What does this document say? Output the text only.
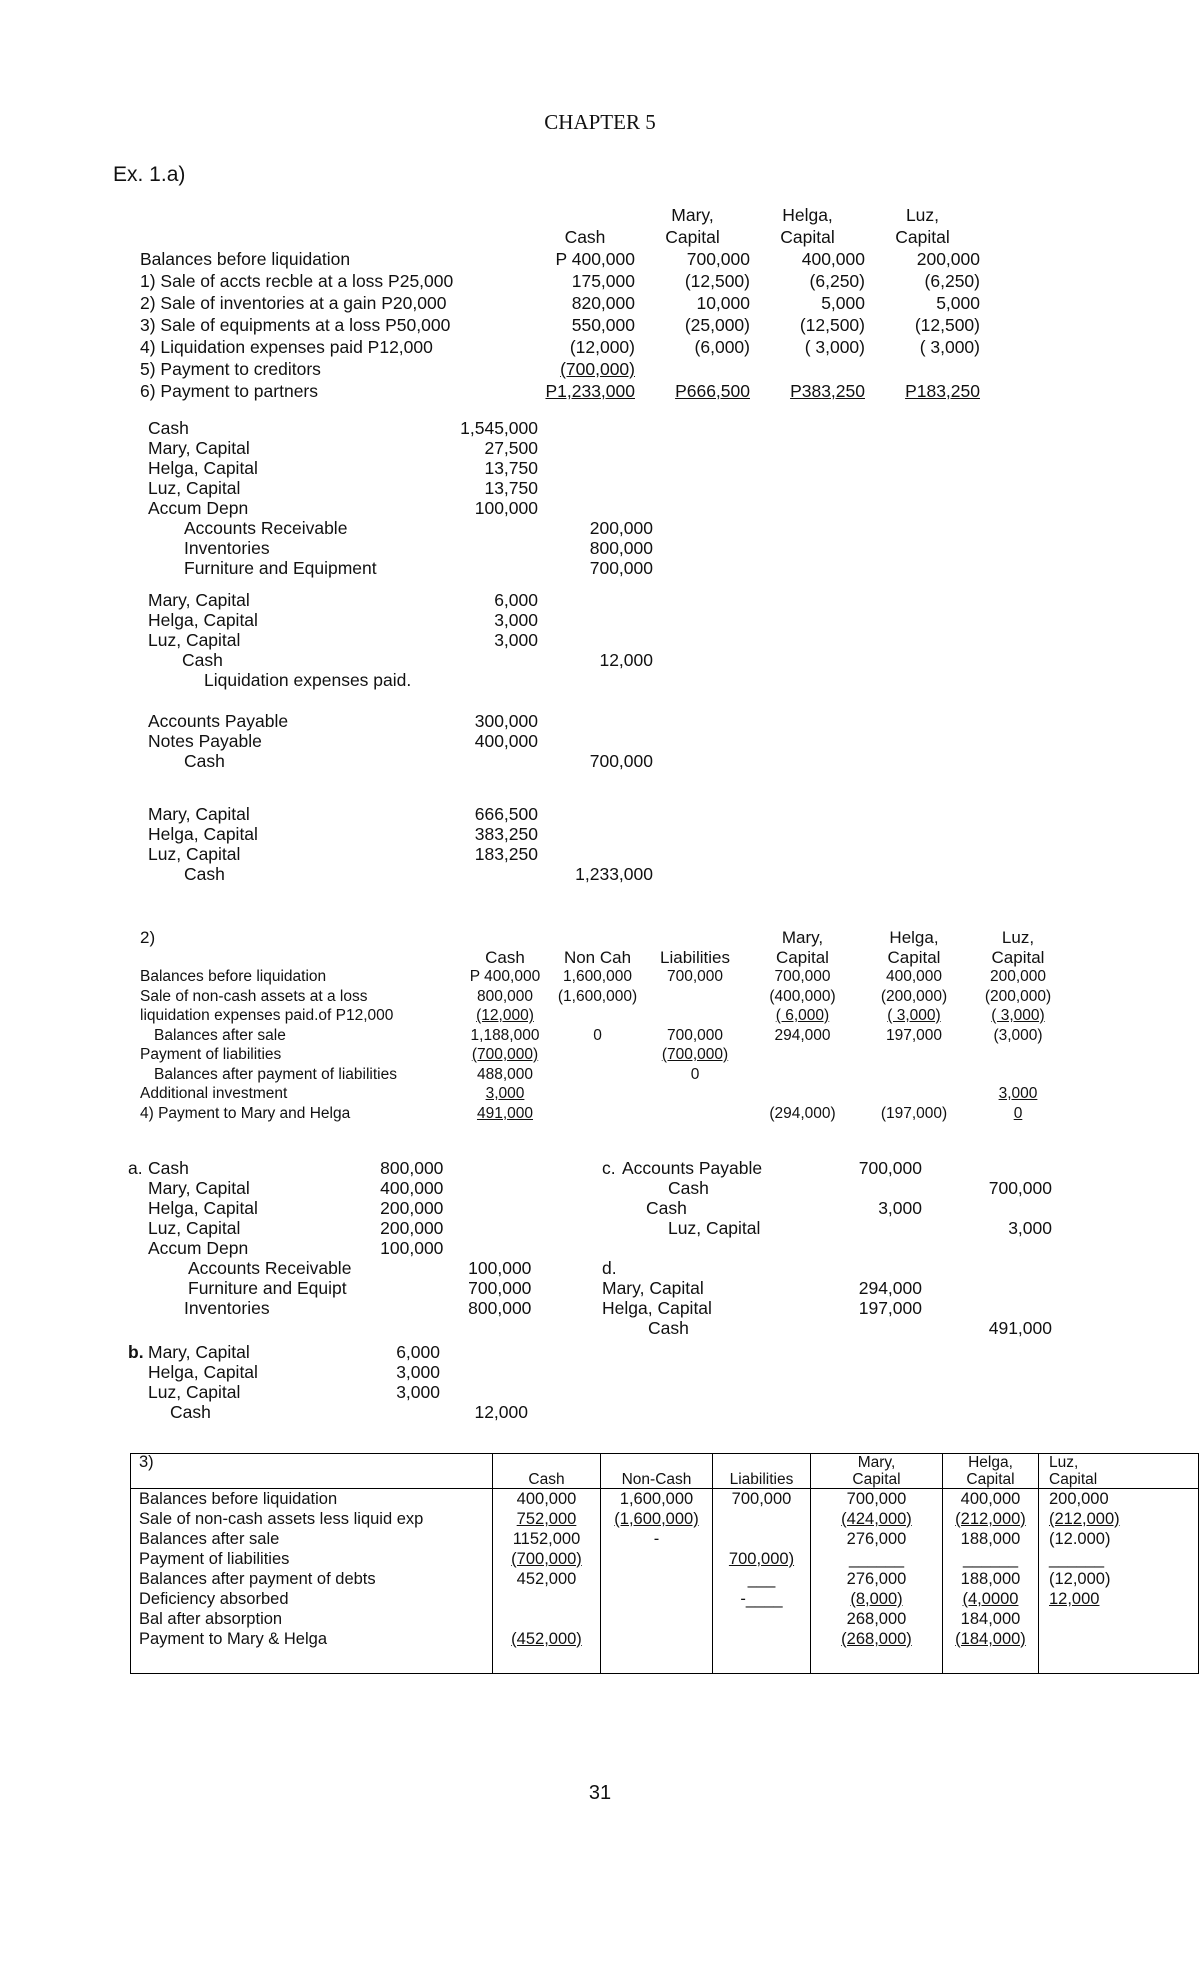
CHAPTER 5
Ex. 1.a)
		Mary,	Helga,	Luz,
	Cash	Capital	Capital	Capital
Balances before liquidation	P 400,000	700,000	400,000	200,000
1) Sale of accts recble at a loss P25,000	175,000	(12,500)	(6,250)	(6,250)
2) Sale of inventories at a gain P20,000	820,000	10,000	5,000	5,000
3) Sale of equipments at a loss P50,000	550,000	(25,000)	(12,500)	(12,500)
4) Liquidation expenses paid P12,000	(12,000)	(6,000)	( 3,000)	( 3,000)
5) Payment to creditors	(700,000)			
6) Payment to partners	P1,233,000	P666,500	P383,250	P183,250
Cash	1,545,000	
Mary, Capital	27,500	
Helga, Capital	13,750	
Luz, Capital	13,750	
Accum Depn	100,000	
Accounts Receivable		200,000
Inventories		800,000
Furniture and Equipment		700,000
Mary, Capital	6,000	
Helga, Capital	3,000	
Luz, Capital	3,000	
Cash		12,000
Liquidation expenses paid.		
Accounts Payable	300,000	
Notes Payable	400,000	
Cash		700,000
Mary, Capital	666,500	
Helga, Capital	383,250	
Luz, Capital	183,250	
Cash		1,233,000
2)				Mary,	Helga,	Luz,
	Cash	Non Cah	Liabilities	Capital	Capital	Capital
Balances before liquidation	P 400,000	1,600,000	700,000	700,000	400,000	200,000
Sale of non-cash assets at a loss	800,000	(1,600,000)		(400,000)	(200,000)	(200,000)
liquidation expenses paid.of P12,000	(12,000)			( 6,000)	( 3,000)	( 3,000)
Balances after sale	1,188,000	0	700,000	294,000	197,000	(3,000)
Payment of liabilities	(700,000)		(700,000)			
Balances after payment of liabilities	488,000		0			
Additional investment	3,000					3,000
4) Payment to Mary and Helga	491,000			(294,000)	(197,000)	0
a.	Cash	800,000	
	Mary, Capital	400,000	
	Helga, Capital	200,000	
	Luz, Capital	200,000	
	Accum Depn	100,000	
	Accounts Receivable		100,000
	Furniture and Equipt		700,000
	Inventories		800,000
b.	Mary, Capital	6,000	
	Helga, Capital	3,000	
	Luz, Capital	3,000	
	Cash		12,000
c.	Accounts Payable	700,000	
	Cash		700,000
	Cash	3,000	
	Luz, Capital		3,000
d.		
Mary, Capital	294,000	
Helga, Capital	197,000	
Cash		491,000
3)				Mary,	Helga,	Luz,
	Cash	Non-Cash	Liabilities	Capital	Capital	Capital
Balances before liquidation	400,000	1,600,000	700,000	700,000	400,000	200,000
Sale of non-cash assets less liquid exp	752,000	(1,600,000)		(424,000)	(212,000)	(212,000)
Balances after sale	1152,000	-		276,000	188,000	(12.000)
Payment of liabilities	(700,000)		700,000)	______	______	______
Balances after payment of debts	452,000		___	276,000	188,000	(12,000)
Deficiency absorbed			-____	(8,000)	(4,0000	12,000
Bal after absorption				268,000	184,000	
Payment to Mary & Helga	(452,000)			(268,000)	(184,000)	

31
